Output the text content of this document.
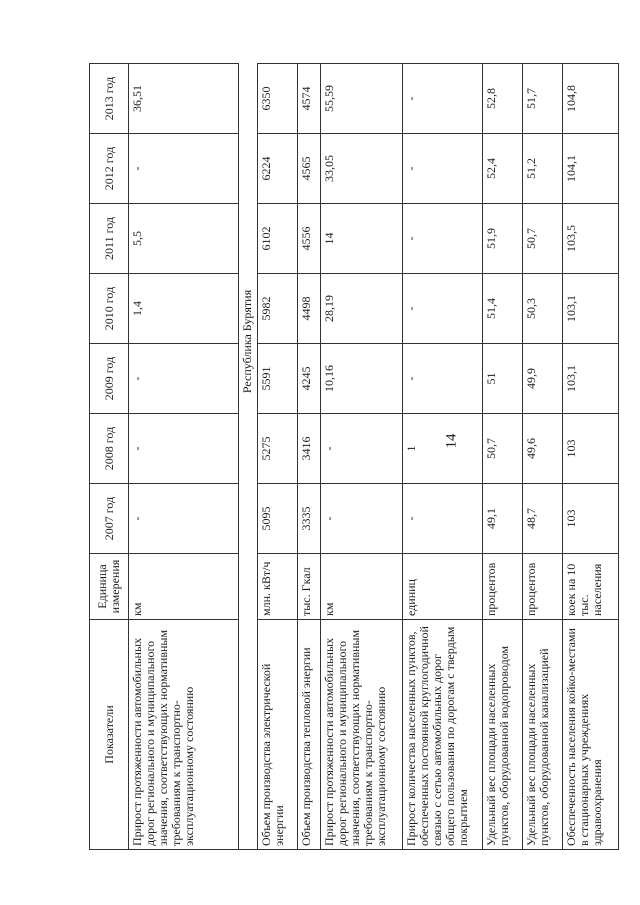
14
Показатели	Единица измерения	2007 год	2008 год	2009 год	2010 год	2011 год	2012 год	2013 год
Прирост протяженности автомобильных дорог регионального и муниципального значения, соответствующих нормативным требованиям к транспортно-эксплуатационному состоянию	км	-	-	-	1,4	5,5	-	36,51
	Республика Бурятия							
Объем производства электрической энергии	млн. кВт/ч	5095	5275	5591	5982	6102	6224	6350
Объем производства тепловой энергии	тыс. Гкал	3335	3416	4245	4498	4556	4565	4574
Прирост протяженности автомобильных дорог регионального и муниципального значения, соответствующих нормативным требованиям к транспортно-эксплуатационному состоянию	км	-	-	10,16	28,19	14	33,05	55,59
Прирост количества населенных пунктов, обеспеченных постоянной круглогодичной связью с сетью автомобильных дорог общего пользования по дорогам с твердым покрытием	единиц	-	1	-	-	-	-	-
Удельный вес площади населенных пунктов, оборудованной водопроводом	процентов	49,1	50,7	51	51,4	51,9	52,4	52,8
Удельный вес площади населенных пунктов, оборудованной канализацией	процентов	48,7	49,6	49,9	50,3	50,7	51,2	51,7
Обеспеченность населения койко-местами в стационарных учреждениях здравоохранения	коек на 10 тыс. населения	103	103	103,1	103,1	103,5	104,1	104,8
